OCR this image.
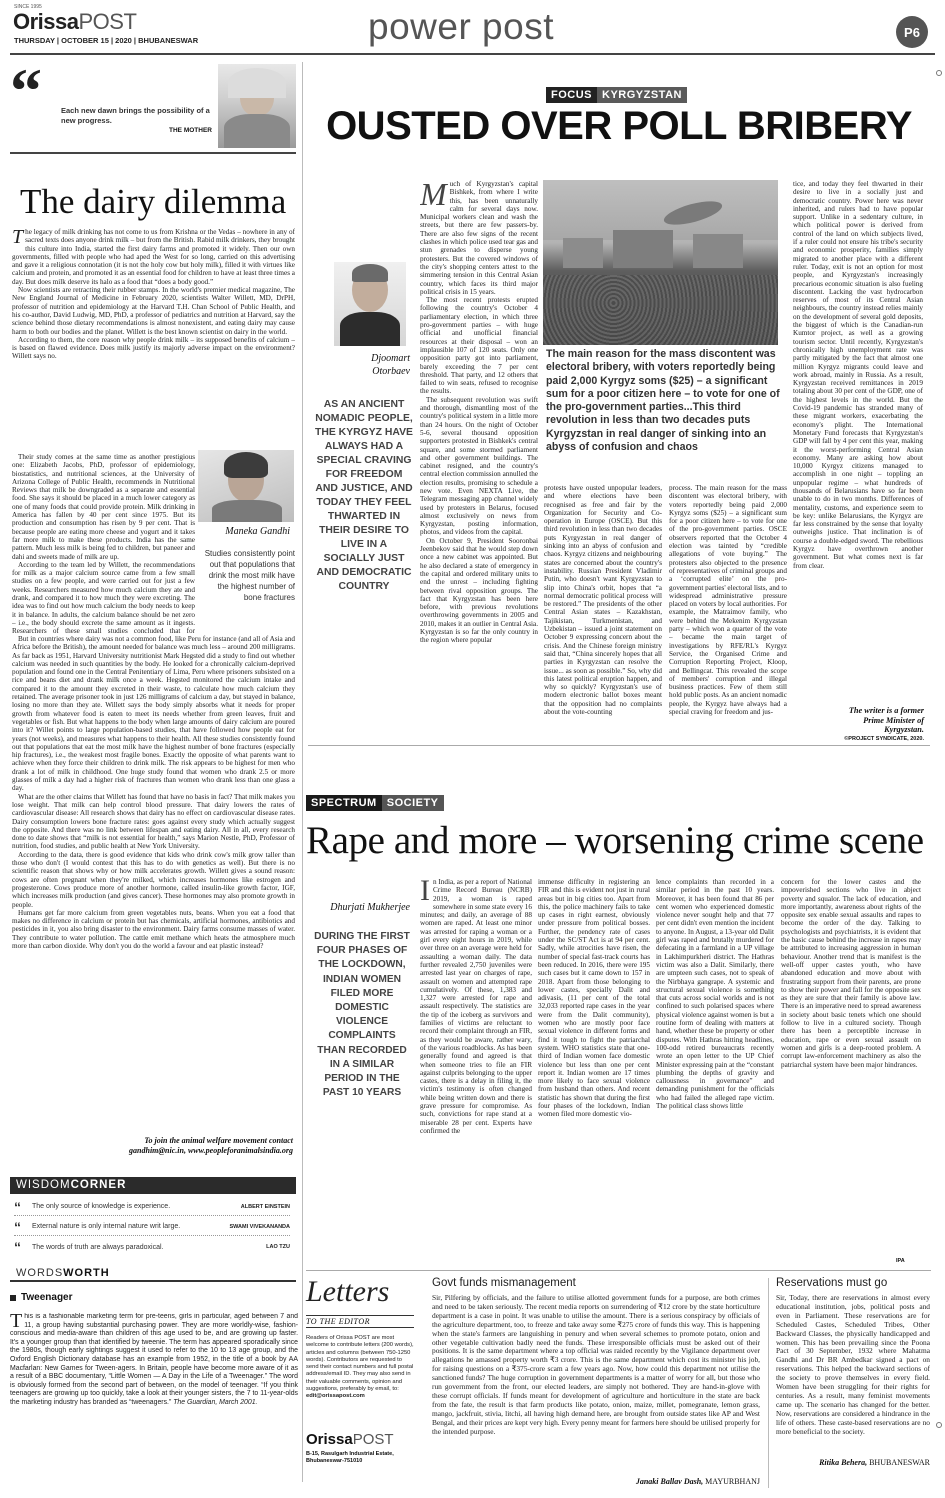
SINCE 1995
OrissaPOST
THURSDAY | OCTOBER 15 | 2020 | BHUBANESWAR	power post	P6
“	Each new dawn brings the possibility of a new progress.
THE MOTHER
The dairy dilemma
T he legacy of milk drinking has not come to us from Krishna or the Vedas – nowhere in any of sacred texts does anyone drink milk – but from the British. Rabid milk drinkers, they brought this culture into India, started the first dairy farms and promoted it widely. Then our own governments, filled with people who had aped the West for so long, carried on this advertising and gave it a religious connotation (it is not the holy cow but holy milk), filled it with virtues like calcium and protein, and promoted it as an essential food for children to have at least three times a day. But does milk deserve its halo as a food that “does a body good.”
Now scientists are retracting their rubber stamps. In the world's premier medical magazine, The New England Journal of Medicine in February 2020, scientists Walter Willett, MD, DrPH, professor of nutrition and epidemiology at the Harvard T.H. Chan School of Public Health, and his co-author, David Ludwig, MD, PhD, a professor of pediatrics and nutrition at Harvard, say the science behind those dietary recommendations is almost nonexistent, and eating dairy may cause harm to both our bodies and the planet. Willett is the best known scientist on dairy in the world.
According to them, the core reason why people drink milk – its supposed benefits of calcium – is based on flawed evidence. Does milk justify its majorly adverse impact on the environment? Willett says no.
Their study comes at the same time as another prestigious one: Elizabeth Jacobs, PhD, professor of epidemiology, biostatistics, and nutritional sciences, at the University of Arizona College of Public Health, recommends in Nutritional Reviews that milk be downgraded as a separate and essential food. She says it should be placed in a much lower category as one of many foods that could provide protein. Milk drinking in America has fallen by 40 per cent since 1975. But its production and consumption has risen by 9 per cent. That is because people are eating more cheese and yogurt and it takes far more milk to make these products. India has the same pattern. Much less milk is being fed to children, but paneer and dahi and sweets made of milk are up.
According to the team led by Willett, the recommendations for milk as a major calcium source came from a few small studies on a few people, and were carried out for just a few weeks. Researchers measured how much calcium they ate and drank, and compared it to how much they were excreting. The idea was to find out how much calcium the body needs to keep it in balance. In adults, the calcium balance should be net zero – i.e., the body should excrete the same amount as it ingests. Researchers of these small studies concluded that for
Maneka Gandhi
Studies consistently point out that populations that drink the most milk have the highest number of bone fractures
But in countries where dairy was not a common food, like Peru for instance (and all of Asia and Africa before the British), the amount needed for balance was much less – around 200 milligrams. As far back as 1951, Harvard University nutritionist Mark Hegsted did a study to find out whether calcium was needed in such quantities by the body. He looked for a chronically calcium-deprived population and found one in the Central Penitentiary of Lima, Peru where prisoners subsisted on a rice and beans diet and drank milk once a week. Hegsted monitored the calcium intake and compared it to the amount they excreted in their waste, to calculate how much calcium they retained. The average prisoner took in just 126 milligrams of calcium a day, but stayed in balance, losing no more than they ate. Willett says the body simply absorbs what it needs for proper growth from whatever food is eaten to meet its needs whether from green leaves, fruit and vegetables or fish. But what happens to the body when large amounts of dairy calcium are poured into it? Willet points to large population-based studies, that have followed how people eat for years (not weeks), and measures what happens to their health. All these studies consistently found out that populations that eat the most milk have the highest number of bone fractures (especially hip fractures), i.e., the weakest most fragile bones. Exactly the opposite of what parents want to achieve when they force their children to drink milk. The risk appears to be highest for men who drank a lot of milk in childhood. One huge study found that women who drank 2.5 or more glasses of milk a day had a higher risk of fractures than women who drank less than one glass a day.
What are the other claims that Willett has found that have no basis in fact? That milk makes you lose weight. That milk can help control blood pressure. That dairy lowers the rates of cardiovascular disease: All research shows that dairy has no effect on cardiovascular disease rates. Dairy consumption lowers bone fracture rates: goes against every study which actually suggest the opposite. And there was no link between lifespan and eating dairy. All in all, every research done to date shows that “milk is not essential for health,” says Marion Nestle, PhD, Professor of nutrition, food studies, and public health at New York University.
According to the data, there is good evidence that kids who drink cow's milk grow taller than those who don't (I would contest that this has to do with genetics as well). But there is no scientific reason that shows why or how milk accelerates growth. Willett gives a sound reason: cows are often pregnant when they're milked, which increases hormones like estrogen and progesterone. Cows produce more of another hormone, called insulin-like growth factor, IGF, which increases milk production (and gives cancer). These hormones may also promote growth in people.
Humans get far more calcium from green vegetables nuts, beans. When you eat a food that makes no difference in calcium or protein but has chemicals, artificial hormones, antibiotics and pesticides in it, you also bring disaster to the environment. Dairy farms consume masses of water. They contribute to water pollution. The cattle emit methane which heats the atmosphere much more than carbon dioxide. Why don't you do the world a favour and eat plastic instead?
To join the animal welfare movement contact
gandhim@nic.in, www.peopleforanimalsindia.org
WISDOMCORNER
“	The only source of knowledge is experience.	ALBERT EINSTEIN
“	External nature is only internal nature writ large.	SWAMI VIVEKANANDA
“	The words of truth are always paradoxical.	LAO TZU
WORDSWORTH
Tweenager
T his is a fashionable marketing term for pre-teens, girls in particular, aged between 7 and 11, a group having substantial purchasing power. They are more worldly-wise, fashion-conscious and media-aware than children of this age used to be, and are growing up faster. It's a younger group than that identified by tweenie. The term has appeared sporadically since the 1980s, though early sightings suggest it used to refer to the 10 to 13 age group, and the Oxford English Dictionary database has an example from 1952, in the title of a book by AA Macfarlan: New Games for Tween-agers. In Britain, people have become more aware of it as a result of a BBC documentary, “Little Women — A Day in the Life of a Tweenager.” The word is obviously formed from the second part of between, on the model of teenager. “If you think teenagers are growing up too quickly, take a look at their younger sisters, the 7 to 11-year-olds the marketing industry has branded as “tweenagers.” The Guardian, March 2001.
FOCUS KYRGYZSTAN
OUSTED OVER POLL BRIBERY
Djoomart
Otorbaev
AS AN ANCIENT NOMADIC PEOPLE, THE KYRGYZ HAVE ALWAYS HAD A SPECIAL CRAVING FOR FREEDOM AND JUSTICE, AND TODAY THEY FEEL THWARTED IN THEIR DESIRE TO LIVE IN A SOCIALLY JUST AND DEMOCRATIC COUNTRY
The main reason for the mass discontent was electoral bribery, with voters reportedly being paid 2,000 Kyrgyz soms ($25) – a significant sum for a poor citizen here – to vote for one of the pro-government parties...This third revolution in less than two decades puts Kyrgyzstan in real danger of sinking into an abyss of confusion and chaos
M uch of Kyrgyzstan's capital Bishkek, from where I write this, has been unnaturally calm for several days now. Municipal workers clean and wash the streets, but there are few passers-by. There are also few signs of the recent clashes in which police used tear gas and stun grenades to disperse young protesters. But the covered windows of the city's shopping centers attest to the simmering tension in this Central Asian country, which faces its third major political crisis in 15 years.
The most recent protests erupted following the country's October 4 parliamentary election, in which three pro-government parties – with huge official and unofficial financial resources at their disposal – won an implausible 107 of 120 seats. Only one opposition party got into parliament, barely exceeding the 7 per cent threshold. That party, and 12 others that failed to win seats, refused to recognise the results.
The subsequent revolution was swift and thorough, dismantling most of the country's political system in a little more than 24 hours. On the night of October 5-6, several thousand opposition supporters protested in Bishkek's central square, and some stormed parliament and other government buildings. The cabinet resigned, and the country's central election commission annulled the election results, promising to schedule a new vote. Even NEXTA Live, the Telegram messaging app channel widely used by protesters in Belarus, focused almost exclusively on news from Kyrgyzstan, posting information, photos, and videos from the capital.
On October 9, President Sooronbai Jeenbekov said that he would step down once a new cabinet was appointed. But he also declared a state of emergency in the capital and ordered military units to end the unrest – including fighting between rival opposition groups. The fact that Kyrgyzstan has been here before, with previous revolutions overthrowing governments in 2005 and 2010, makes it an outlier in Central Asia. Kyrgyzstan is so far the only country in the region where popular
protests have ousted unpopular leaders, and where elections have been recognised as free and fair by the Organization for Security and Co-operation in Europe (OSCE). But this third revolution in less than two decades puts Kyrgyzstan in real danger of sinking into an abyss of confusion and chaos. Kyrgyz citizens and neighbouring states are concerned about the country's instability. Russian President Vladimir Putin, who doesn't want Kyrgyzstan to slip into China's orbit, hopes that “a normal democratic political process will be restored.” The presidents of the other Central Asian states – Kazakhstan, Tajikistan, Turkmenistan, and Uzbekistan – issued a joint statement on October 9 expressing concern about the crisis. And the Chinese foreign ministry said that, “China sincerely hopes that all parties in Kyrgyzstan can resolve the issue... as soon as possible.” So, why did this latest political eruption happen, and why so quickly? Kyrgyzstan's use of modern electronic ballot boxes meant that the opposition had no complaints about the vote-counting
process. The main reason for the mass discontent was electoral bribery, with voters reportedly being paid 2,000 Kyrgyz soms ($25) – a significant sum for a poor citizen here – to vote for one of the pro-government parties. OSCE observers reported that the October 4 election was tainted by “credible allegations of vote buying.” The protesters also objected to the presence of representatives of criminal groups and a ‘corrupted elite’ on the pro-government parties' electoral lists, and to widespread administrative pressure placed on voters by local authorities. For example, the Matraimov family, who were behind the Mekenim Kyrgyzstan party – which won a quarter of the vote – became the main target of investigations by RFE/RL's Kyrgyz Service, the Organised Crime and Corruption Reporting Project, Kloop, and Bellingcat. This revealed the scope of members' corruption and illegal business practices. Few of them still hold public posts. As an ancient nomadic people, the Kyrgyz have always had a special craving for freedom and jus-
tice, and today they feel thwarted in their desire to live in a socially just and democratic country. Power here was never inherited, and rulers had to have popular support. Unlike in a sedentary culture, in which political power is derived from control of the land on which subjects lived, if a ruler could not ensure his tribe's security and economic prosperity, families simply migrated to another place with a different ruler. Today, exit is not an option for most people, and Kyrgyzstan's increasingly precarious economic situation is also fueling discontent. Lacking the vast hydrocarbon reserves of most of its Central Asian neighbours, the country instead relies mainly on the development of several gold deposits, the biggest of which is the Canadian-run Kumtor project, as well as a growing tourism sector. Until recently, Kyrgyzstan's chronically high unemployment rate was partly mitigated by the fact that almost one million Kyrgyz migrants could leave and work abroad, mainly in Russia. As a result, Kyrgyzstan received remittances in 2019 totaling about 30 per cent of the GDP, one of the highest levels in the world. But the Covid-19 pandemic has stranded many of these migrant workers, exacerbating the economy's plight. The International Monetary Fund forecasts that Kyrgyzstan's GDP will fall by 4 per cent this year, making it the worst-performing Central Asian economy. Many are asking how about 10,000 Kyrgyz citizens managed to accomplish in one night – toppling an unpopular regime – what hundreds of thousands of Belarusians have so far been unable to do in two months. Differences of mentality, customs, and experience seem to be key: unlike Belarusians, the Kyrgyz are far less constrained by the sense that loyalty outweighs justice. That inclination is of course a double-edged sword. The rebellious Kyrgyz have overthrown another government. But what comes next is far from clear.
The writer is a former
Prime Minister of
Kyrgyzstan.
©PROJECT SYNDICATE, 2020.
SPECTRUM SOCIETY
Rape and more – worsening crime scene
Dhurjati Mukherjee
DURING THE FIRST FOUR PHASES OF THE LOCKDOWN, INDIAN WOMEN FILED MORE DOMESTIC VIOLENCE COMPLAINTS THAN RECORDED IN A SIMILAR PERIOD IN THE PAST 10 YEARS
I n India, as per a report of National Crime Record Bureau (NCRB) 2019, a woman is raped somewhere in some state every 16 minutes; and daily, an average of 88 women are raped. At least one minor was arrested for raping a woman or a girl every eight hours in 2019, while over three on an average were held for assaulting a woman daily. The data further revealed 2,750 juveniles were arrested last year on charges of rape, assault on women and attempted rape cumulatively. Of these, 1,383 and 1,327 were arrested for rape and assault respectively. The statistics are the tip of the iceberg as survivors and families of victims are reluctant to record their complaint through an FIR, as they would be aware, rather wary, of the various roadblocks. As has been generally found and agreed is that when someone tries to file an FIR against culprits belonging to the upper castes, there is a delay in filing it, the victim's testimony is often changed while being written down and there is grave pressure for compromise. As such, convictions for rape stand at a miserable 28 per cent. Experts have confirmed the
immense difficulty in registering an FIR and this is evident not just in rural areas but in big cities too. Apart from this, the police machinery fails to take up cases in right earnest, obviously under pressure from political bosses. Further, the pendency rate of cases under the SC/ST Act is at 94 per cent. Sadly, while atrocities have risen, the number of special fast-track courts has been reduced. In 2016, there were 195 such cases but it came down to 157 in 2018. Apart from those belonging to lower castes, specially Dalit and adivasis, (11 per cent of the total 32,033 reported rape cases in the year were from the Dalit community), women who are mostly poor face sexual violence in different forms and find it tough to fight the patriarchal system. WHO statistics state that one-third of Indian women face domestic violence but less than one per cent report it. Indian women are 17 times more likely to face sexual violence from husband than others. And recent statistic has shown that during the first four phases of the lockdown, Indian women filed more domestic vio-
lence complaints than recorded in a similar period in the past 10 years. Moreover, it has been found that 86 per cent women who experienced domestic violence never sought help and that 77 per cent didn't even mention the incident to anyone. In August, a 13-year old Dalit girl was raped and brutally murdered for defecating in a farmland in a UP village in Lakhimpurkheri district. The Hathras victim was also a Dalit. Similarly, there are umpteen such cases, not to speak of the Nirbhaya gangrape. A systemic and structural sexual violence is something that cuts across social worlds and is not confined to such polarised spaces where physical violence against women is but a routine form of dealing with matters at hand, whether these be property or other disputes. With Hathras hitting headlines, 100-odd retired bureaucrats recently wrote an open letter to the UP Chief Minister expressing pain at the “constant plumbing the depths of gravity and callousness in governance” and demanding punishment for the officials who had failed the alleged rape victim. The political class shows little
concern for the lower castes and the impoverished sections who live in abject poverty and squalor. The lack of education, and more importantly, awareness about rights of the opposite sex enable sexual assaults and rapes to become the order of the day. Talking to psychologists and psychiatrists, it is evident that the basic cause behind the increase in rapes may be attributed to increasing aggression in human behaviour. Another trend that is manifest is the well-off upper castes youth, who have abandoned education and move about with frustrating support from their parents, are prone to show their power and fall for the opposite sex as they are sure that their family is above law. There is an imperative need to spread awareness in society about basic tenets which one should follow to live in a cultured society. Though there has been a perceptible increase in education, rape or even sexual assault on women and girls is a deep-rooted problem. A corrupt law-enforcement machinery as also the patriarchal system have been major hindrances.
IPA
Letters
TO THE EDITOR
Readers of Orissa POST are most welcome to contribute letters (200 words), articles and columns (between 750-1250 words). Contributors are requested to send their contact numbers and full postal address/email ID. They may also send in their valuable comments, opinion and suggestions, preferably by email, to: edit@orissapost.com
OrissaPOST
B-15, Rasulgarh Industrial Estate,
Bhubaneswar-751010
Govt funds mismanagement
Sir, Pilfering by officials, and the failure to utilise allotted government funds for a purpose, are both crimes and need to be taken seriously. The recent media reports on surrendering of ₹12 crore by the state horticulture department is a case in point. It was unable to utilise the amount. There is a serious conspiracy by officials of the agriculture department, too, to freeze and take away some ₹275 crore of funds this way. This is happening when the state's farmers are languishing in penury and when several schemes to promote potato, onion and other vegetable cultivation badly need the funds. These irresponsible officials must be asked out of their positions. It is the same department where a top official was raided recently by the Vigilance department over allegations he amassed property worth ₹3 crore. This is the same department which cost its minister his job, for raising questions on a ₹375-crore scam a few years ago. Now, how could this department not utilise the sanctioned funds? The huge corruption in government departments is a matter of worry for all, but those who run government from the front, our elected leaders, are simply not bothered. They are hand-in-glove with these corrupt officials. If funds meant for development of agriculture and horticulture in the state are back from the fate, the result is that farm products like potato, onion, maize, millet, pomegranate, lemon grass, mango, jackfruit, stivia, litchi, all having high demand here, are brought from outside states like AP and West Bengal, and their prices are kept very high. Every penny meant for farmers here should be utilised properly for the intended purpose.
Janaki Ballav Dash, MAYURBHANJ
Reservations must go
Sir, Today, there are reservations in almost every educational institution, jobs, political posts and even in Parliament. These reservations are for Scheduled Castes, Scheduled Tribes, Other Backward Classes, the physically handicapped and women. This has been prevailing since the Poona Pact of 30 September, 1932 where Mahatma Gandhi and Dr BR Ambedkar signed a pact on reservations. This helped the backward sections of the society to prove themselves in every field. Women have been struggling for their rights for centuries. As a result, many feminist movements came up. The scenario has changed for the better. Now, reservations are considered a hindrance in the life of others. These caste-based reservations are no more beneficial to the society.
Ritika Behera, BHUBANESWAR
